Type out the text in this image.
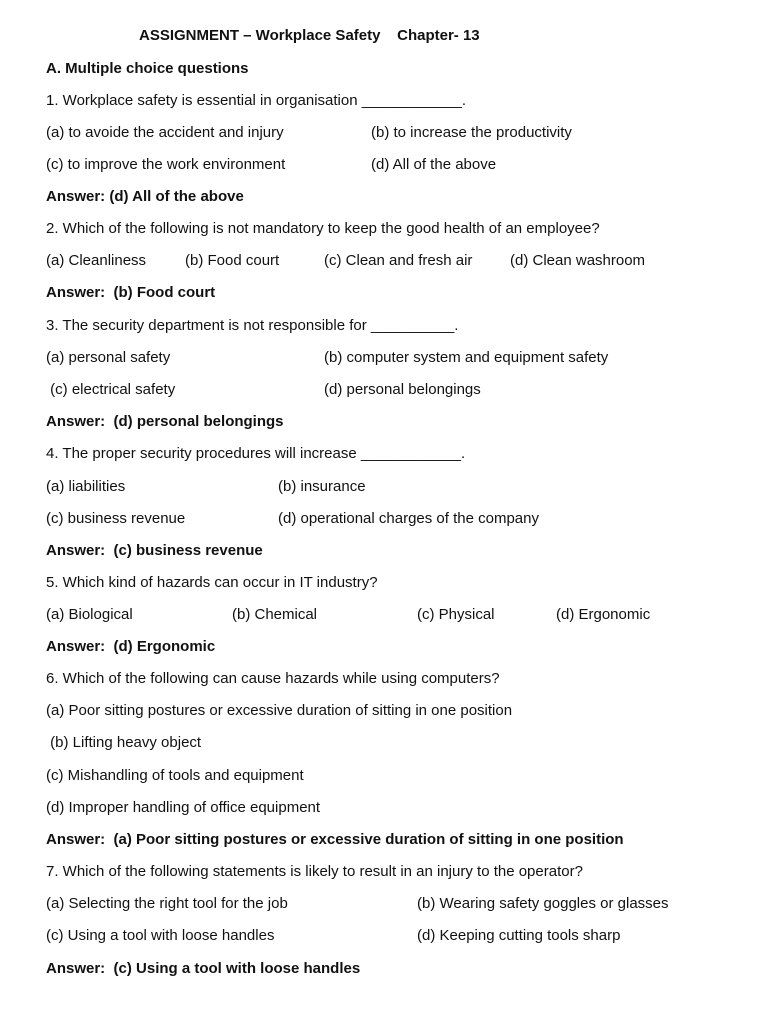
ASSIGNMENT – Workplace Safety    Chapter- 13
A. Multiple choice questions
1. Workplace safety is essential in organisation ____________.
(a) to avoide the accident and injury	(b) to increase the productivity
(c) to improve the work environment	(d) All of the above
Answer: (d) All of the above
2. Which of the following is not mandatory to keep the good health of an employee?
(a) Cleanliness	(b) Food court	(c) Clean and fresh air	(d) Clean washroom
Answer:  (b) Food court
3. The security department is not responsible for __________.
(a) personal safety	(b) computer system and equipment safety
(c) electrical safety	(d) personal belongings
Answer:  (d) personal belongings
4. The proper security procedures will increase ____________.
(a) liabilities	(b) insurance
(c) business revenue	(d) operational charges of the company
Answer:  (c) business revenue
5. Which kind of hazards can occur in IT industry?
(a) Biological	(b) Chemical	(c) Physical	(d) Ergonomic
Answer:  (d) Ergonomic
6. Which of the following can cause hazards while using computers?
(a) Poor sitting postures or excessive duration of sitting in one position
(b) Lifting heavy object
(c) Mishandling of tools and equipment
(d) Improper handling of office equipment
Answer:  (a) Poor sitting postures or excessive duration of sitting in one position
7. Which of the following statements is likely to result in an injury to the operator?
(a) Selecting the right tool for the job	(b) Wearing safety goggles or glasses
(c) Using a tool with loose handles	(d) Keeping cutting tools sharp
Answer:  (c) Using a tool with loose handles
